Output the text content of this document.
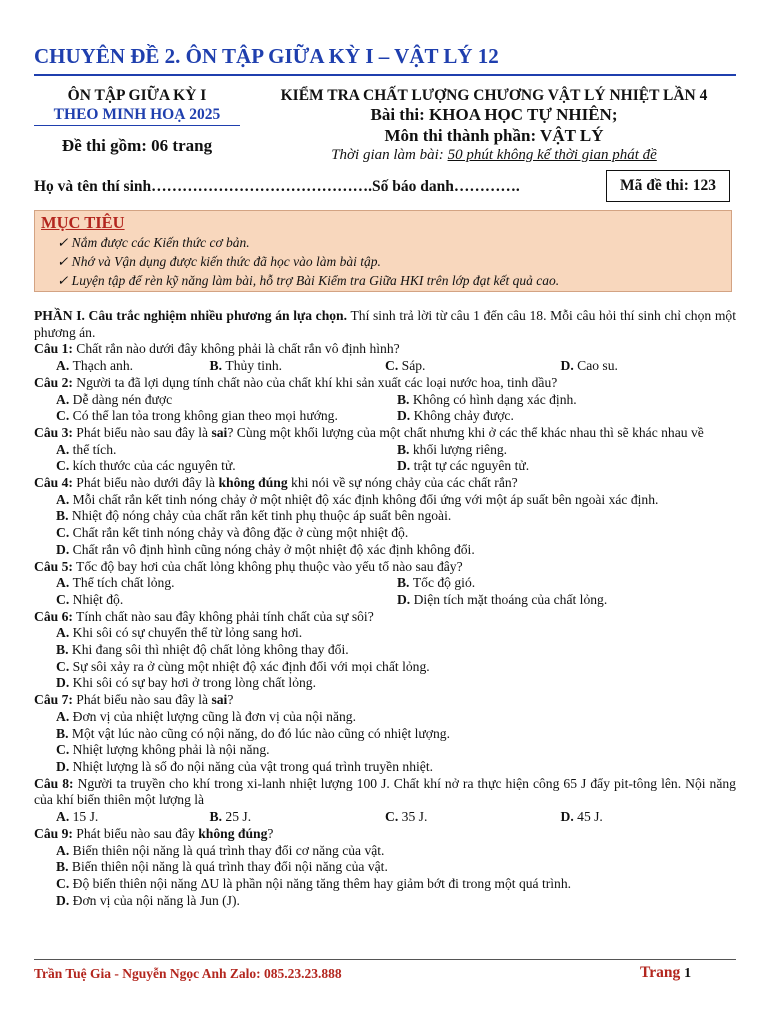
CHUYÊN ĐỀ 2. ÔN TẬP GIỮA KỲ I – VẬT LÝ 12
ÔN TẬP GIỮA KỲ I
THEO MINH HOẠ 2025
Đề thi gồm: 06 trang
KIỂM TRA CHẤT LƯỢNG CHƯƠNG VẬT LÝ NHIỆT LẦN 4
Bài thi: KHOA HỌC TỰ NHIÊN;
Môn thi thành phần: VẬT LÝ
Thời gian làm bài: 50 phút không kể thời gian phát đề
Họ và tên thí sinh…………………………………….Số báo danh………….	Mã đề thi: 123
MỤC TIÊU
✓ Nắm được các Kiến thức cơ bản.
✓ Nhớ và Vận dụng được kiến thức đã học vào làm bài tập.
✓ Luyện tập để rèn kỹ năng làm bài, hỗ trợ Bài Kiểm tra Giữa HKI trên lớp đạt kết quả cao.

PHẦN I. Câu trắc nghiệm nhiều phương án lựa chọn. Thí sinh trả lời từ câu 1 đến câu 18. Mỗi câu hỏi thí sinh chỉ chọn một phương án.

Câu 1: Chất rắn nào dưới đây không phải là chất rắn vô định hình?

A. Thạch anh.	B. Thủy tinh.	C. Sáp.	D. Cao su.

Câu 2: Người ta đã lợi dụng tính chất nào của chất khí khi sản xuất các loại nước hoa, tinh dầu?

A. Dễ dàng nén được	B. Không có hình dạng xác định.
C. Có thể lan tỏa trong không gian theo mọi hướng.	D. Không chảy được.

Câu 3: Phát biểu nào sau đây là sai? Cùng một khối lượng của một chất nhưng khi ở các thể khác nhau thì sẽ khác nhau về

A. thể tích.	B. khối lượng riêng.
C. kích thước của các nguyên tử.	D. trật tự các nguyên tử.

Câu 4: Phát biểu nào dưới đây là không đúng khi nói về sự nóng chảy của các chất rắn?

A. Mỗi chất rắn kết tinh nóng chảy ở một nhiệt độ xác định không đổi ứng với một áp suất bên ngoài xác định.
B. Nhiệt độ nóng chảy của chất rắn kết tinh phụ thuộc áp suất bên ngoài.
C. Chất rắn kết tinh nóng chảy và đông đặc ở cùng một nhiệt độ.
D. Chất rắn vô định hình cũng nóng chảy ở một nhiệt độ xác định không đổi.

Câu 5: Tốc độ bay hơi của chất lỏng không phụ thuộc vào yếu tố nào sau đây?

A. Thể tích chất lỏng.	B. Tốc độ gió.
C. Nhiệt độ.	D. Diện tích mặt thoáng của chất lỏng.

Câu 6: Tính chất nào sau đây không phải tính chất của sự sôi?

A. Khi sôi có sự chuyển thể từ lỏng sang hơi.
B. Khi đang sôi thì nhiệt độ chất lỏng không thay đổi.
C. Sự sôi xảy ra ở cùng một nhiệt độ xác định đối với mọi chất lỏng.
D. Khi sôi có sự bay hơi ở trong lòng chất lỏng.

Câu 7: Phát biểu nào sau đây là sai?

A. Đơn vị của nhiệt lượng cũng là đơn vị của nội năng.
B. Một vật lúc nào cũng có nội năng, do đó lúc nào cũng có nhiệt lượng.
C. Nhiệt lượng không phải là nội năng.
D. Nhiệt lượng là số đo nội năng của vật trong quá trình truyền nhiệt.

Câu 8: Người ta truyền cho khí trong xi-lanh nhiệt lượng 100 J. Chất khí nở ra thực hiện công 65 J đẩy pit-tông lên. Nội năng của khí biến thiên một lượng là

A. 15 J.	B. 25 J.	C. 35 J.	D. 45 J.

Câu 9: Phát biểu nào sau đây không đúng?

A. Biến thiên nội năng là quá trình thay đổi cơ năng của vật.
B. Biến thiên nội năng là quá trình thay đổi nội năng của vật.
C. Độ biến thiên nội năng ΔU là phần nội năng tăng thêm hay giảm bớt đi trong một quá trình.
D. Đơn vị của nội năng là Jun (J).
Trần Tuệ Gia - Nguyễn Ngọc Anh Zalo: 085.23.23.888	Trang 1
